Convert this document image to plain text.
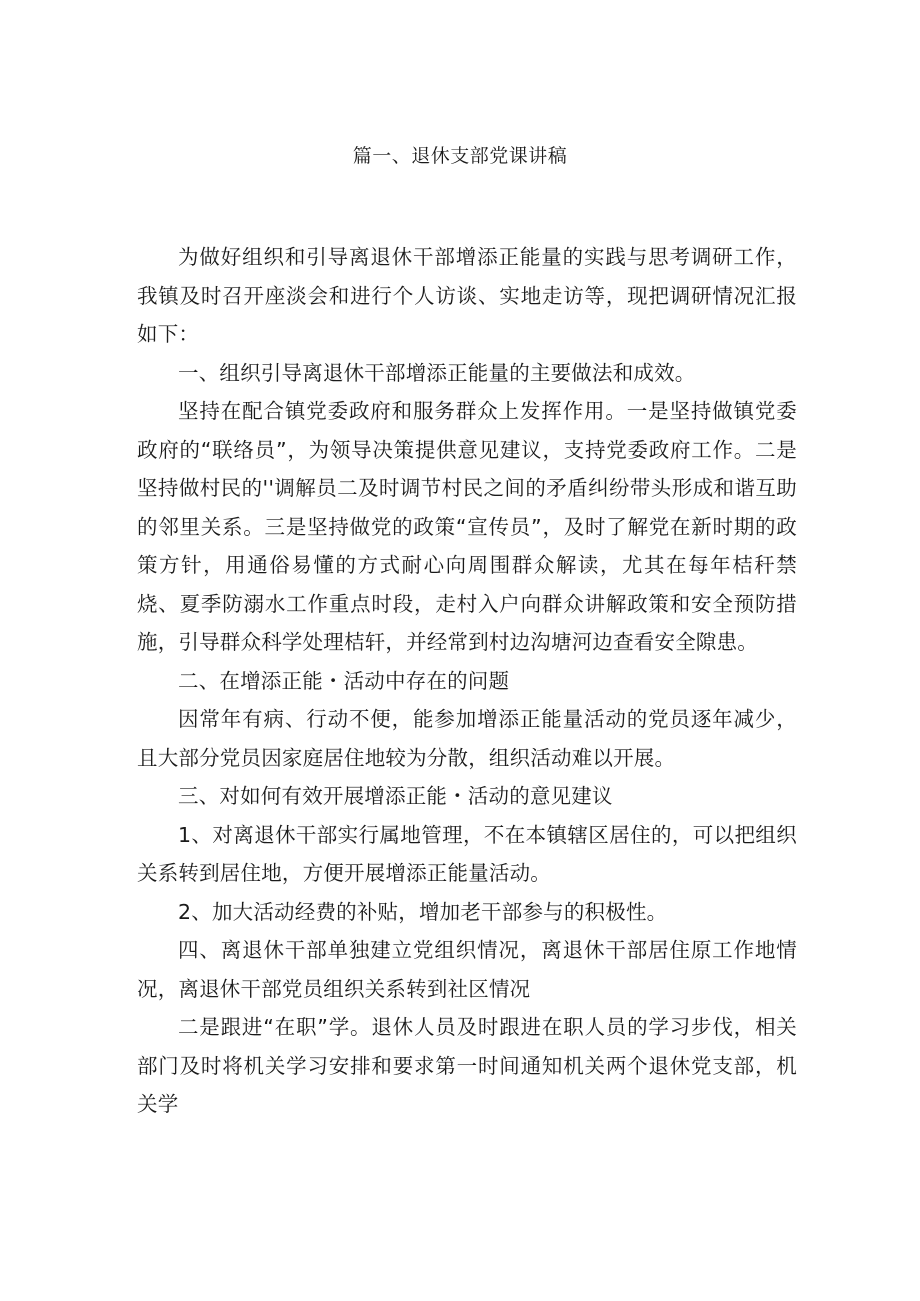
篇一、退休支部党课讲稿

为做好组织和引导离退休干部增添正能量的实践与思考调研工作，我镇及时召开座淡会和进行个人访谈、实地走访等，现把调研情况汇报如下：

一、组织引导离退休干部增添正能量的主要做法和成效。

坚持在配合镇党委政府和服务群众上发挥作用。一是坚持做镇党委政府的“联络员”，为领导决策提供意见建议，支持党委政府工作。二是坚持做村民的''调解员二及时调节村民之间的矛盾纠纷带头形成和谐互助的邻里关系。三是坚持做党的政策“宣传员”，及时了解党在新时期的政策方针，用通俗易懂的方式耐心向周围群众解读，尤其在每年桔秆禁烧、夏季防溺水工作重点时段，走村入户向群众讲解政策和安全预防措施，引导群众科学处理桔轩，并经常到村边沟塘河边查看安全隙患。

二、在增添正能・活动中存在的问题

因常年有病、行动不便，能参加增添正能量活动的党员逐年减少，且大部分党员因家庭居住地较为分散，组织活动难以开展。

三、对如何有效开展增添正能・活动的意见建议

1、对离退休干部实行属地管理，不在本镇辖区居住的，可以把组织关系转到居住地，方便开展增添正能量活动。

2、加大活动经费的补贴，增加老干部参与的积极性。

四、离退休干部单独建立党组织情况，离退休干部居住原工作地情况，离退休干部党员组织关系转到社区情况

二是跟进“在职”学。退休人员及时跟进在职人员的学习步伐，相关部门及时将机关学习安排和要求第一时间通知机关两个退休党支部，机关学
